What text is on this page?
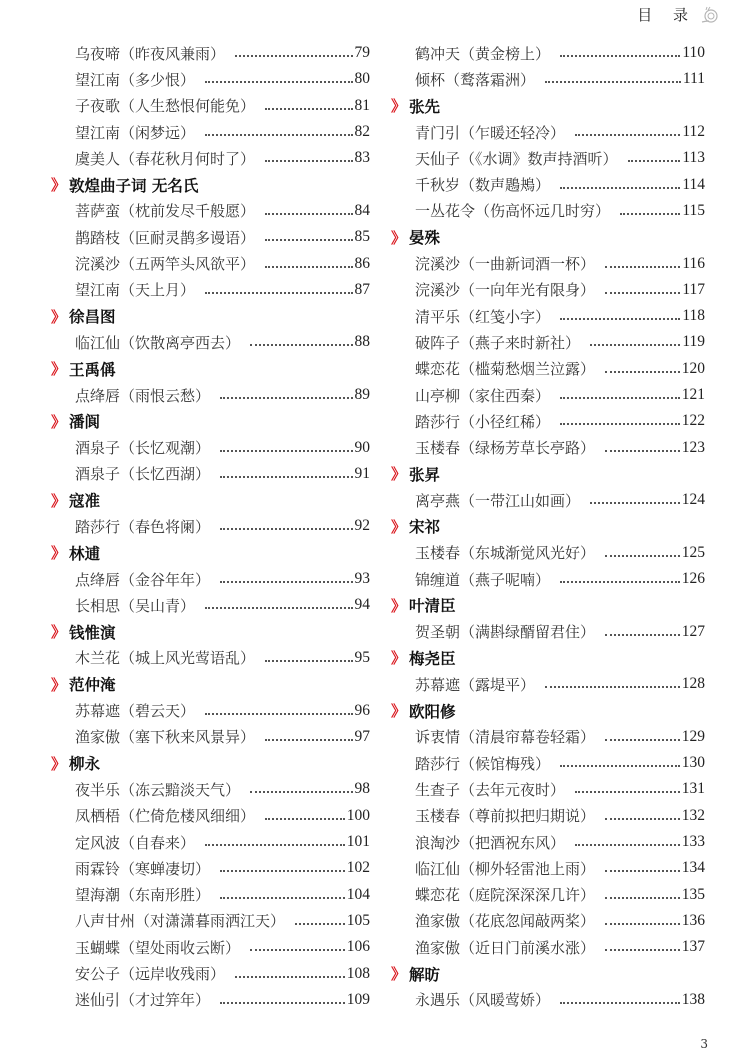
目 录
乌夜啼（昨夜风兼雨）	79
望江南（多少恨）	80
子夜歌（人生愁恨何能免）	81
望江南（闲梦远）	82
虞美人（春花秋月何时了）	83
》 敦煌曲子词 无名氏
菩萨蛮（枕前发尽千般愿）	84
鹊踏枝（叵耐灵鹊多谩语）	85
浣溪沙（五两竿头风欲平）	86
望江南（天上月）	87
》 徐昌图
临江仙（饮散离亭西去）	88
》 王禹偁
点绛唇（雨恨云愁）	89
》 潘阆
酒泉子（长忆观潮）	90
酒泉子（长忆西湖）	91
》 寇准
踏莎行（春色将阑）	92
》 林逋
点绛唇（金谷年年）	93
长相思（吴山青）	94
》 钱惟演
木兰花（城上风光莺语乱）	95
》 范仲淹
苏幕遮（碧云天）	96
渔家傲（塞下秋来风景异）	97
》 柳永
夜半乐（冻云黯淡天气）	98
凤栖梧（伫倚危楼风细细）	100
定风波（自春来）	101
雨霖铃（寒蝉凄切）	102
望海潮（东南形胜）	104
八声甘州（对潇潇暮雨洒江天）	105
玉蝴蝶（望处雨收云断）	106
安公子（远岸收残雨）	108
迷仙引（才过笄年）	109
鹤冲天（黄金榜上）	110
倾杯（鹜落霜洲）	111
》 张先
青门引（乍暖还轻冷）	112
天仙子（《水调》数声持酒听）	113
千秋岁（数声鶗鴂）	114
一丛花令（伤高怀远几时穷）	115
》 晏殊
浣溪沙（一曲新词酒一杯）	116
浣溪沙（一向年光有限身）	117
清平乐（红笺小字）	118
破阵子（燕子来时新社）	119
蝶恋花（槛菊愁烟兰泣露）	120
山亭柳（家住西秦）	121
踏莎行（小径红稀）	122
玉楼春（绿杨芳草长亭路）	123
》 张昇
离亭燕（一带江山如画）	124
》 宋祁
玉楼春（东城渐觉风光好）	125
锦缠道（燕子呢喃）	126
》 叶清臣
贺圣朝（满斟绿醑留君住）	127
》 梅尧臣
苏幕遮（露堤平）	128
》 欧阳修
诉衷情（清晨帘幕卷轻霜）	129
踏莎行（候馆梅残）	130
生查子（去年元夜时）	131
玉楼春（尊前拟把归期说）	132
浪淘沙（把酒祝东风）	133
临江仙（柳外轻雷池上雨）	134
蝶恋花（庭院深深深几许）	135
渔家傲（花底忽闻敲两桨）	136
渔家傲（近日门前溪水涨）	137
》 解昉
永遇乐（风暖莺娇）	138
3
